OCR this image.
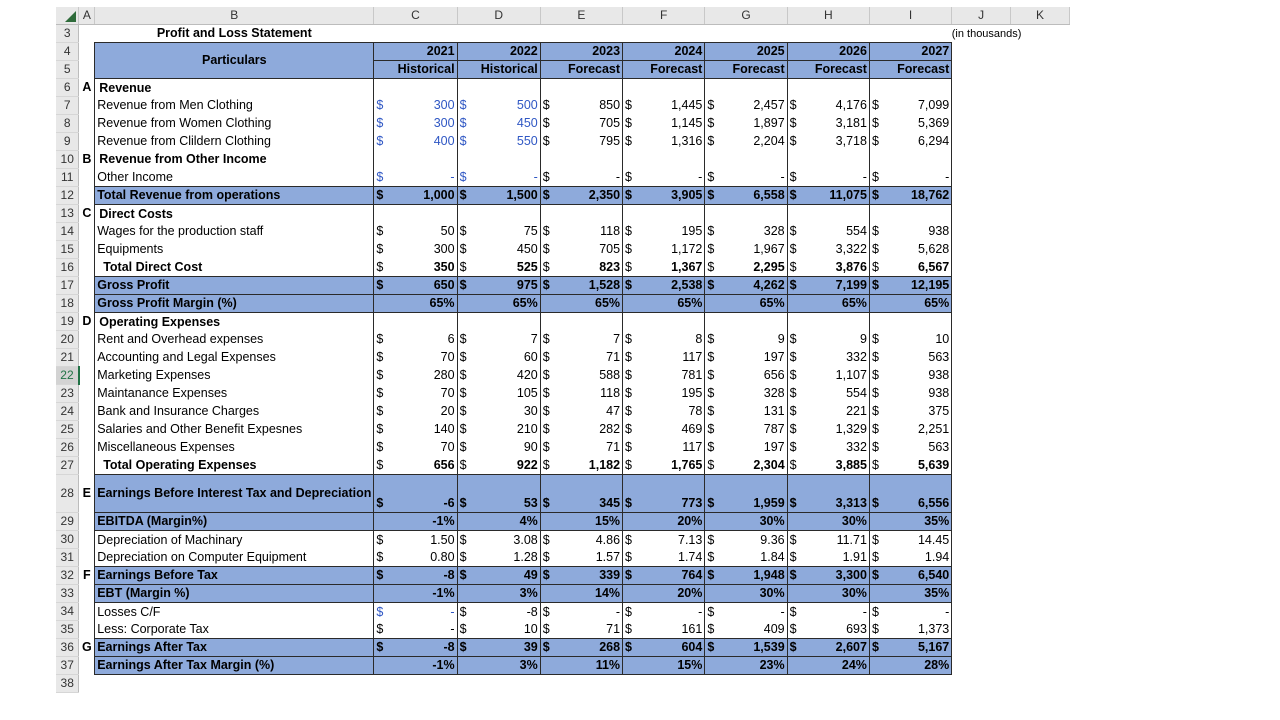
	A	B	C		D		E		F		G		H		I		J	K
3		Profit and Loss Statement															(in thousands)	
4		Particulars	2021		2022		2023		2024		2025		2026		2027			
5			Historical		Historical		Forecast		Forecast		Forecast		Forecast		Forecast			
6	A	Revenue																
7		Revenue from Men Clothing	$	300	$	500	$	850	$	1,445	$	2,457	$	4,176	$	7,099		
8		Revenue from Women Clothing	$	300	$	450	$	705	$	1,145	$	1,897	$	3,181	$	5,369		
9		Revenue from Clildern Clothing	$	400	$	550	$	795	$	1,316	$	2,204	$	3,718	$	6,294		
10	B	Revenue from Other Income																
11		Other Income	$	-	$	-	$	-	$	-	$	-	$	-	$	-		
12		Total Revenue from operations	$	1,000	$	1,500	$	2,350	$	3,905	$	6,558	$	11,075	$	18,762		
13	C	Direct Costs																
14		Wages for the production staff	$	50	$	75	$	118	$	195	$	328	$	554	$	938		
15		Equipments	$	300	$	450	$	705	$	1,172	$	1,967	$	3,322	$	5,628		
16		Total Direct Cost	$	350	$	525	$	823	$	1,367	$	2,295	$	3,876	$	6,567		
17		Gross Profit	$	650	$	975	$	1,528	$	2,538	$	4,262	$	7,199	$	12,195		
18		Gross Profit Margin (%)		65%		65%		65%		65%		65%		65%		65%		
19	D	Operating Expenses																
20		Rent and Overhead expenses	$	6	$	7	$	7	$	8	$	9	$	9	$	10		
21		Accounting and Legal Expenses	$	70	$	60	$	71	$	117	$	197	$	332	$	563		
22		Marketing Expenses	$	280	$	420	$	588	$	781	$	656	$	1,107	$	938		
23		Maintanance Expenses	$	70	$	105	$	118	$	195	$	328	$	554	$	938		
24		Bank and Insurance Charges	$	20	$	30	$	47	$	78	$	131	$	221	$	375		
25		Salaries and Other Benefit Expesnes	$	140	$	210	$	282	$	469	$	787	$	1,329	$	2,251		
26		Miscellaneous Expenses	$	70	$	90	$	71	$	117	$	197	$	332	$	563		
27		Total Operating Expenses	$	656	$	922	$	1,182	$	1,765	$	2,304	$	3,885	$	5,639		
28	E	Earnings Before Interest Tax and Depreciation	$	-6	$	53	$	345	$	773	$	1,959	$	3,313	$	6,556		
29		EBITDA (Margin%)		-1%		4%		15%		20%		30%		30%		35%		
30		Depreciation of Machinary	$	1.50	$	3.08	$	4.86	$	7.13	$	9.36	$	11.71	$	14.45		
31		Depreciation on Computer Equipment	$	0.80	$	1.28	$	1.57	$	1.74	$	1.84	$	1.91	$	1.94		
32	F	Earnings Before Tax	$	-8	$	49	$	339	$	764	$	1,948	$	3,300	$	6,540		
33		EBT (Margin %)		-1%		3%		14%		20%		30%		30%		35%		
34		Losses C/F	$	-	$	-8	$	-	$	-	$	-	$	-	$	-		
35		Less: Corporate Tax	$	-	$	10	$	71	$	161	$	409	$	693	$	1,373		
36	G	Earnings After Tax	$	-8	$	39	$	268	$	604	$	1,539	$	2,607	$	5,167		
37		Earnings After Tax Margin (%)		-1%		3%		11%		15%		23%		24%		28%		
38																		
